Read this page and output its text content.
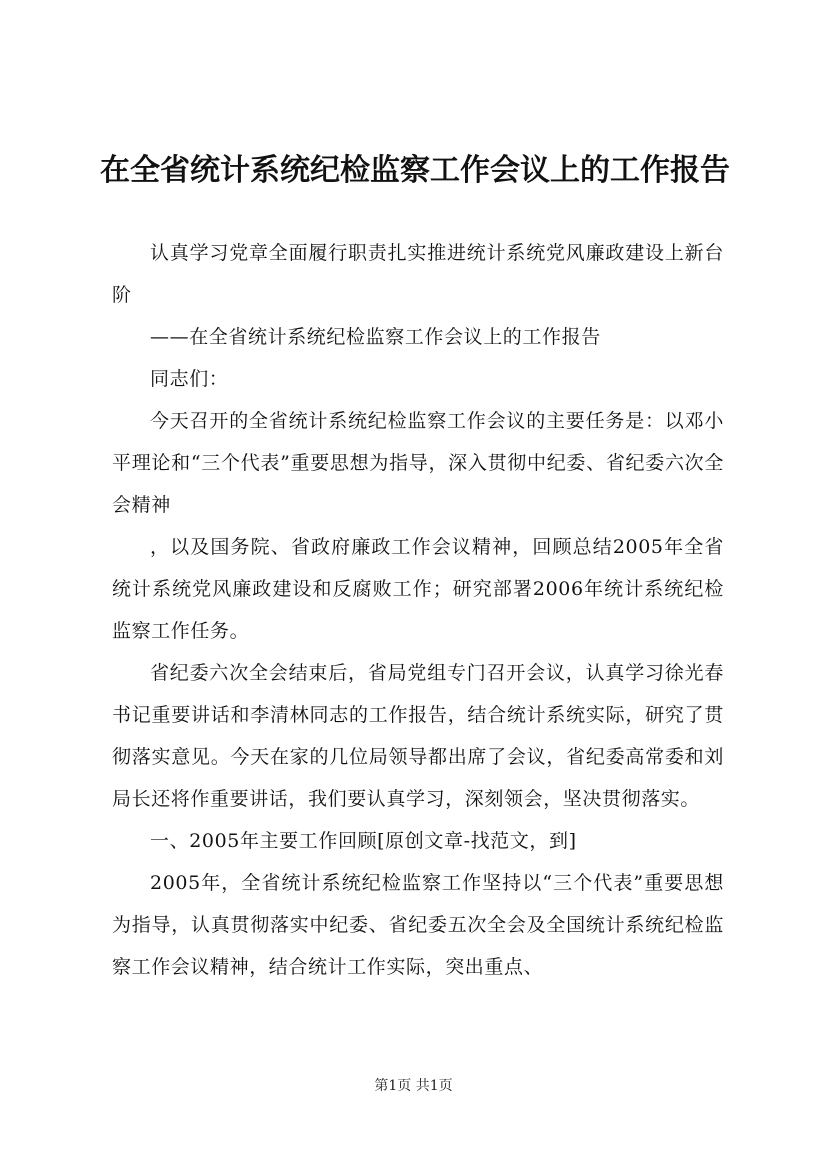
在全省统计系统纪检监察工作会议上的工作报告

认真学习党章全面履行职责扎实推进统计系统党风廉政建设上新台阶

——在全省统计系统纪检监察工作会议上的工作报告

同志们：

今天召开的全省统计系统纪检监察工作会议的主要任务是：以邓小平理论和“三个代表”重要思想为指导，深入贯彻中纪委、省纪委六次全会精神

，以及国务院、省政府廉政工作会议精神，回顾总结2005年全省统计系统党风廉政建设和反腐败工作；研究部署2006年统计系统纪检监察工作任务。

省纪委六次全会结束后，省局党组专门召开会议，认真学习徐光春书记重要讲话和李清林同志的工作报告，结合统计系统实际，研究了贯彻落实意见。今天在家的几位局领导都出席了会议，省纪委高常委和刘局长还将作重要讲话，我们要认真学习，深刻领会，坚决贯彻落实。

一、2005年主要工作回顾[原创文章-找范文，到]

2005年，全省统计系统纪检监察工作坚持以“三个代表”重要思想为指导，认真贯彻落实中纪委、省纪委五次全会及全国统计系统纪检监察工作会议精神，结合统计工作实际，突出重点、

第1页 共1页
